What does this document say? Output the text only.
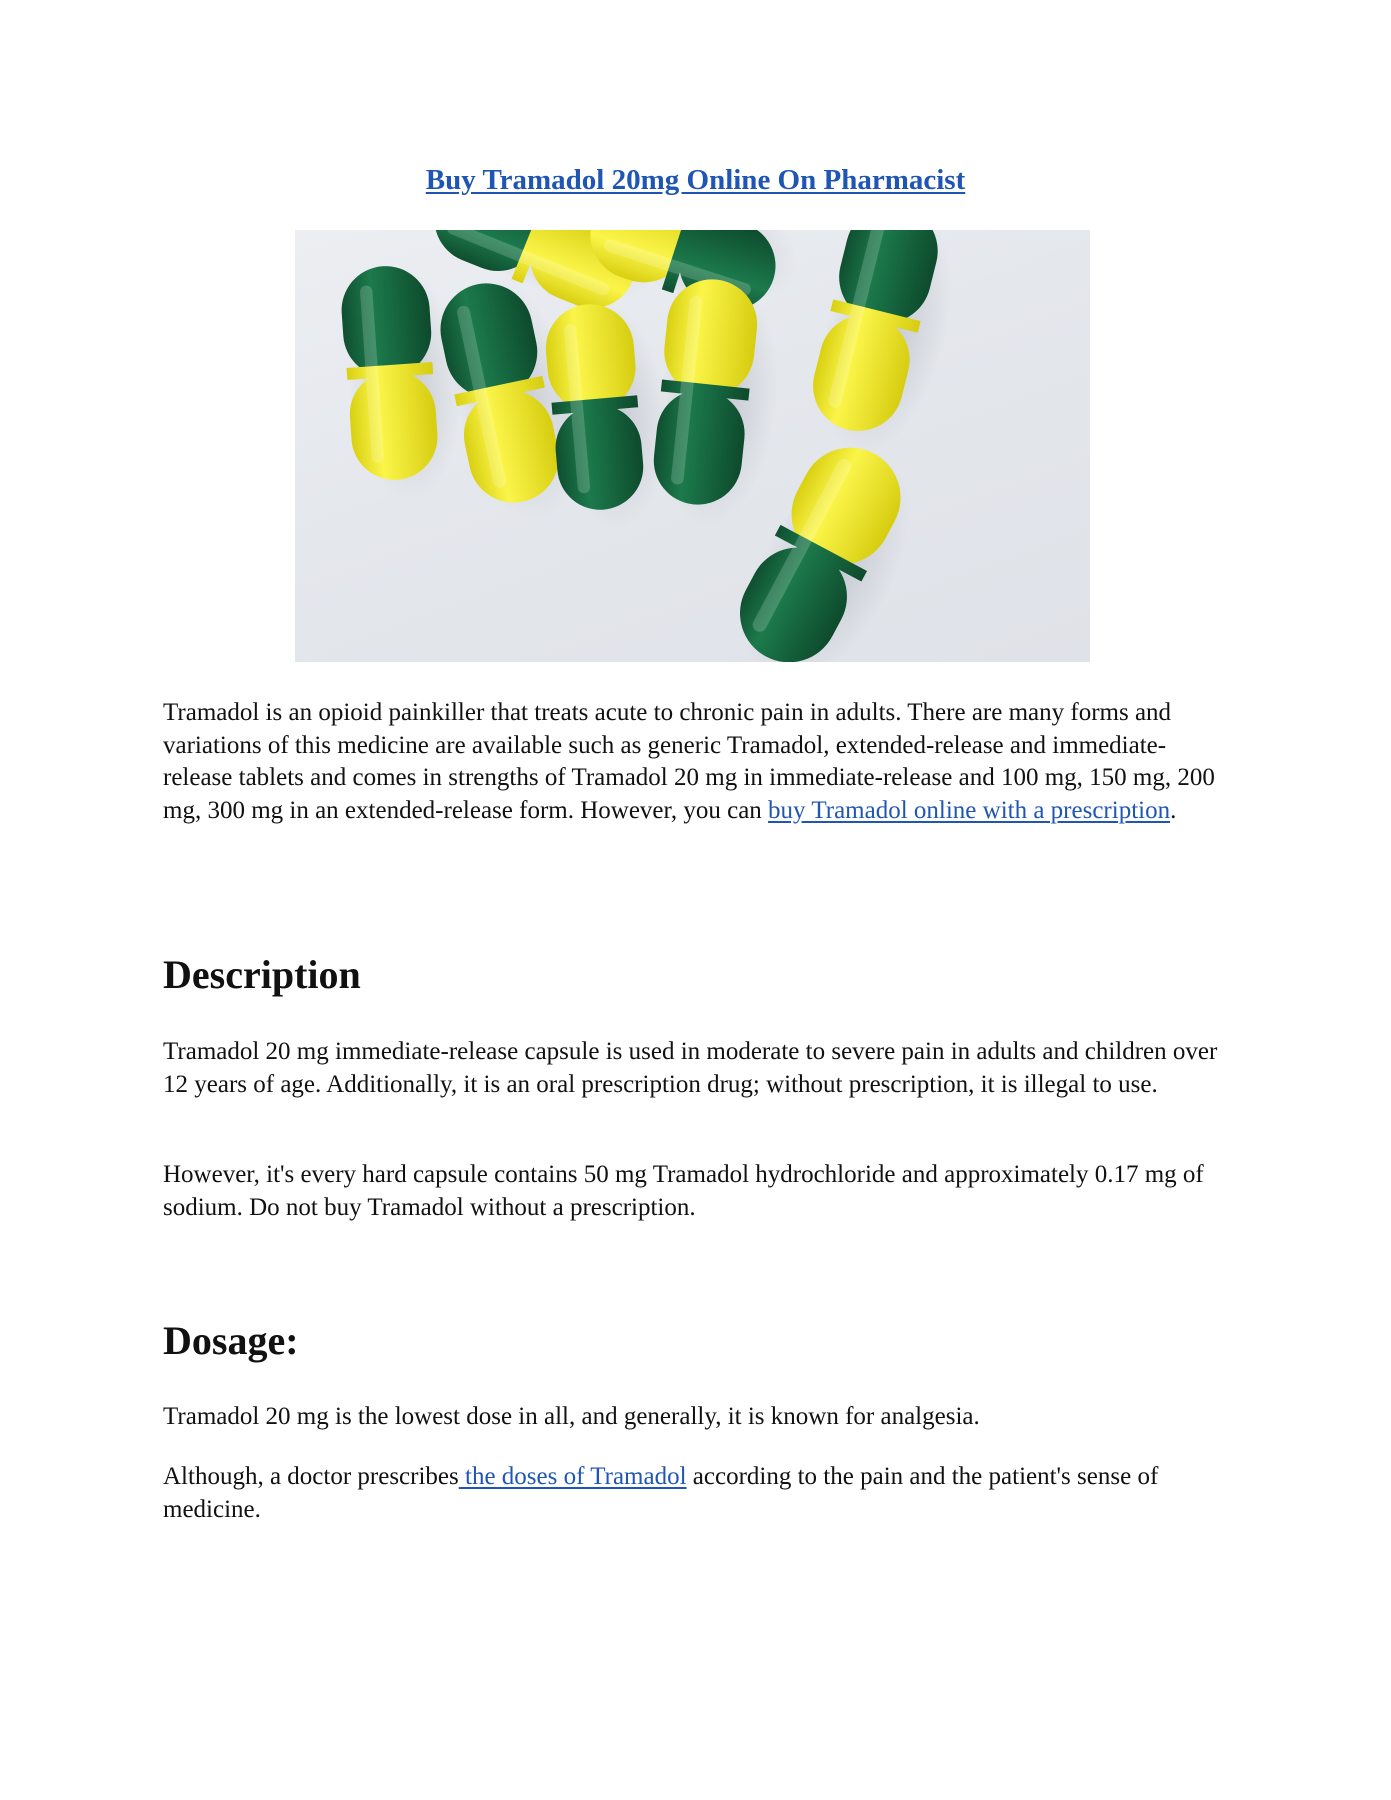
Buy Tramadol 20mg Online On Pharmacist

Tramadol is an opioid painkiller that treats acute to chronic pain in adults. There are many forms and variations of this medicine are available such as generic Tramadol, extended-release and immediate-release tablets and comes in strengths of Tramadol 20 mg in immediate-release and 100 mg, 150 mg, 200 mg, 300 mg in an extended-release form. However, you can buy Tramadol online with a prescription.

Description

Tramadol 20 mg immediate-release capsule is used in moderate to severe pain in adults and children over 12 years of age. Additionally, it is an oral prescription drug; without prescription, it is illegal to use.

However, it's every hard capsule contains 50 mg Tramadol hydrochloride and approximately 0.17 mg of sodium. Do not buy Tramadol without a prescription.

Dosage:

Tramadol 20 mg is the lowest dose in all, and generally, it is known for analgesia.

Although, a doctor prescribes the doses of Tramadol according to the pain and the patient's sense of medicine.
